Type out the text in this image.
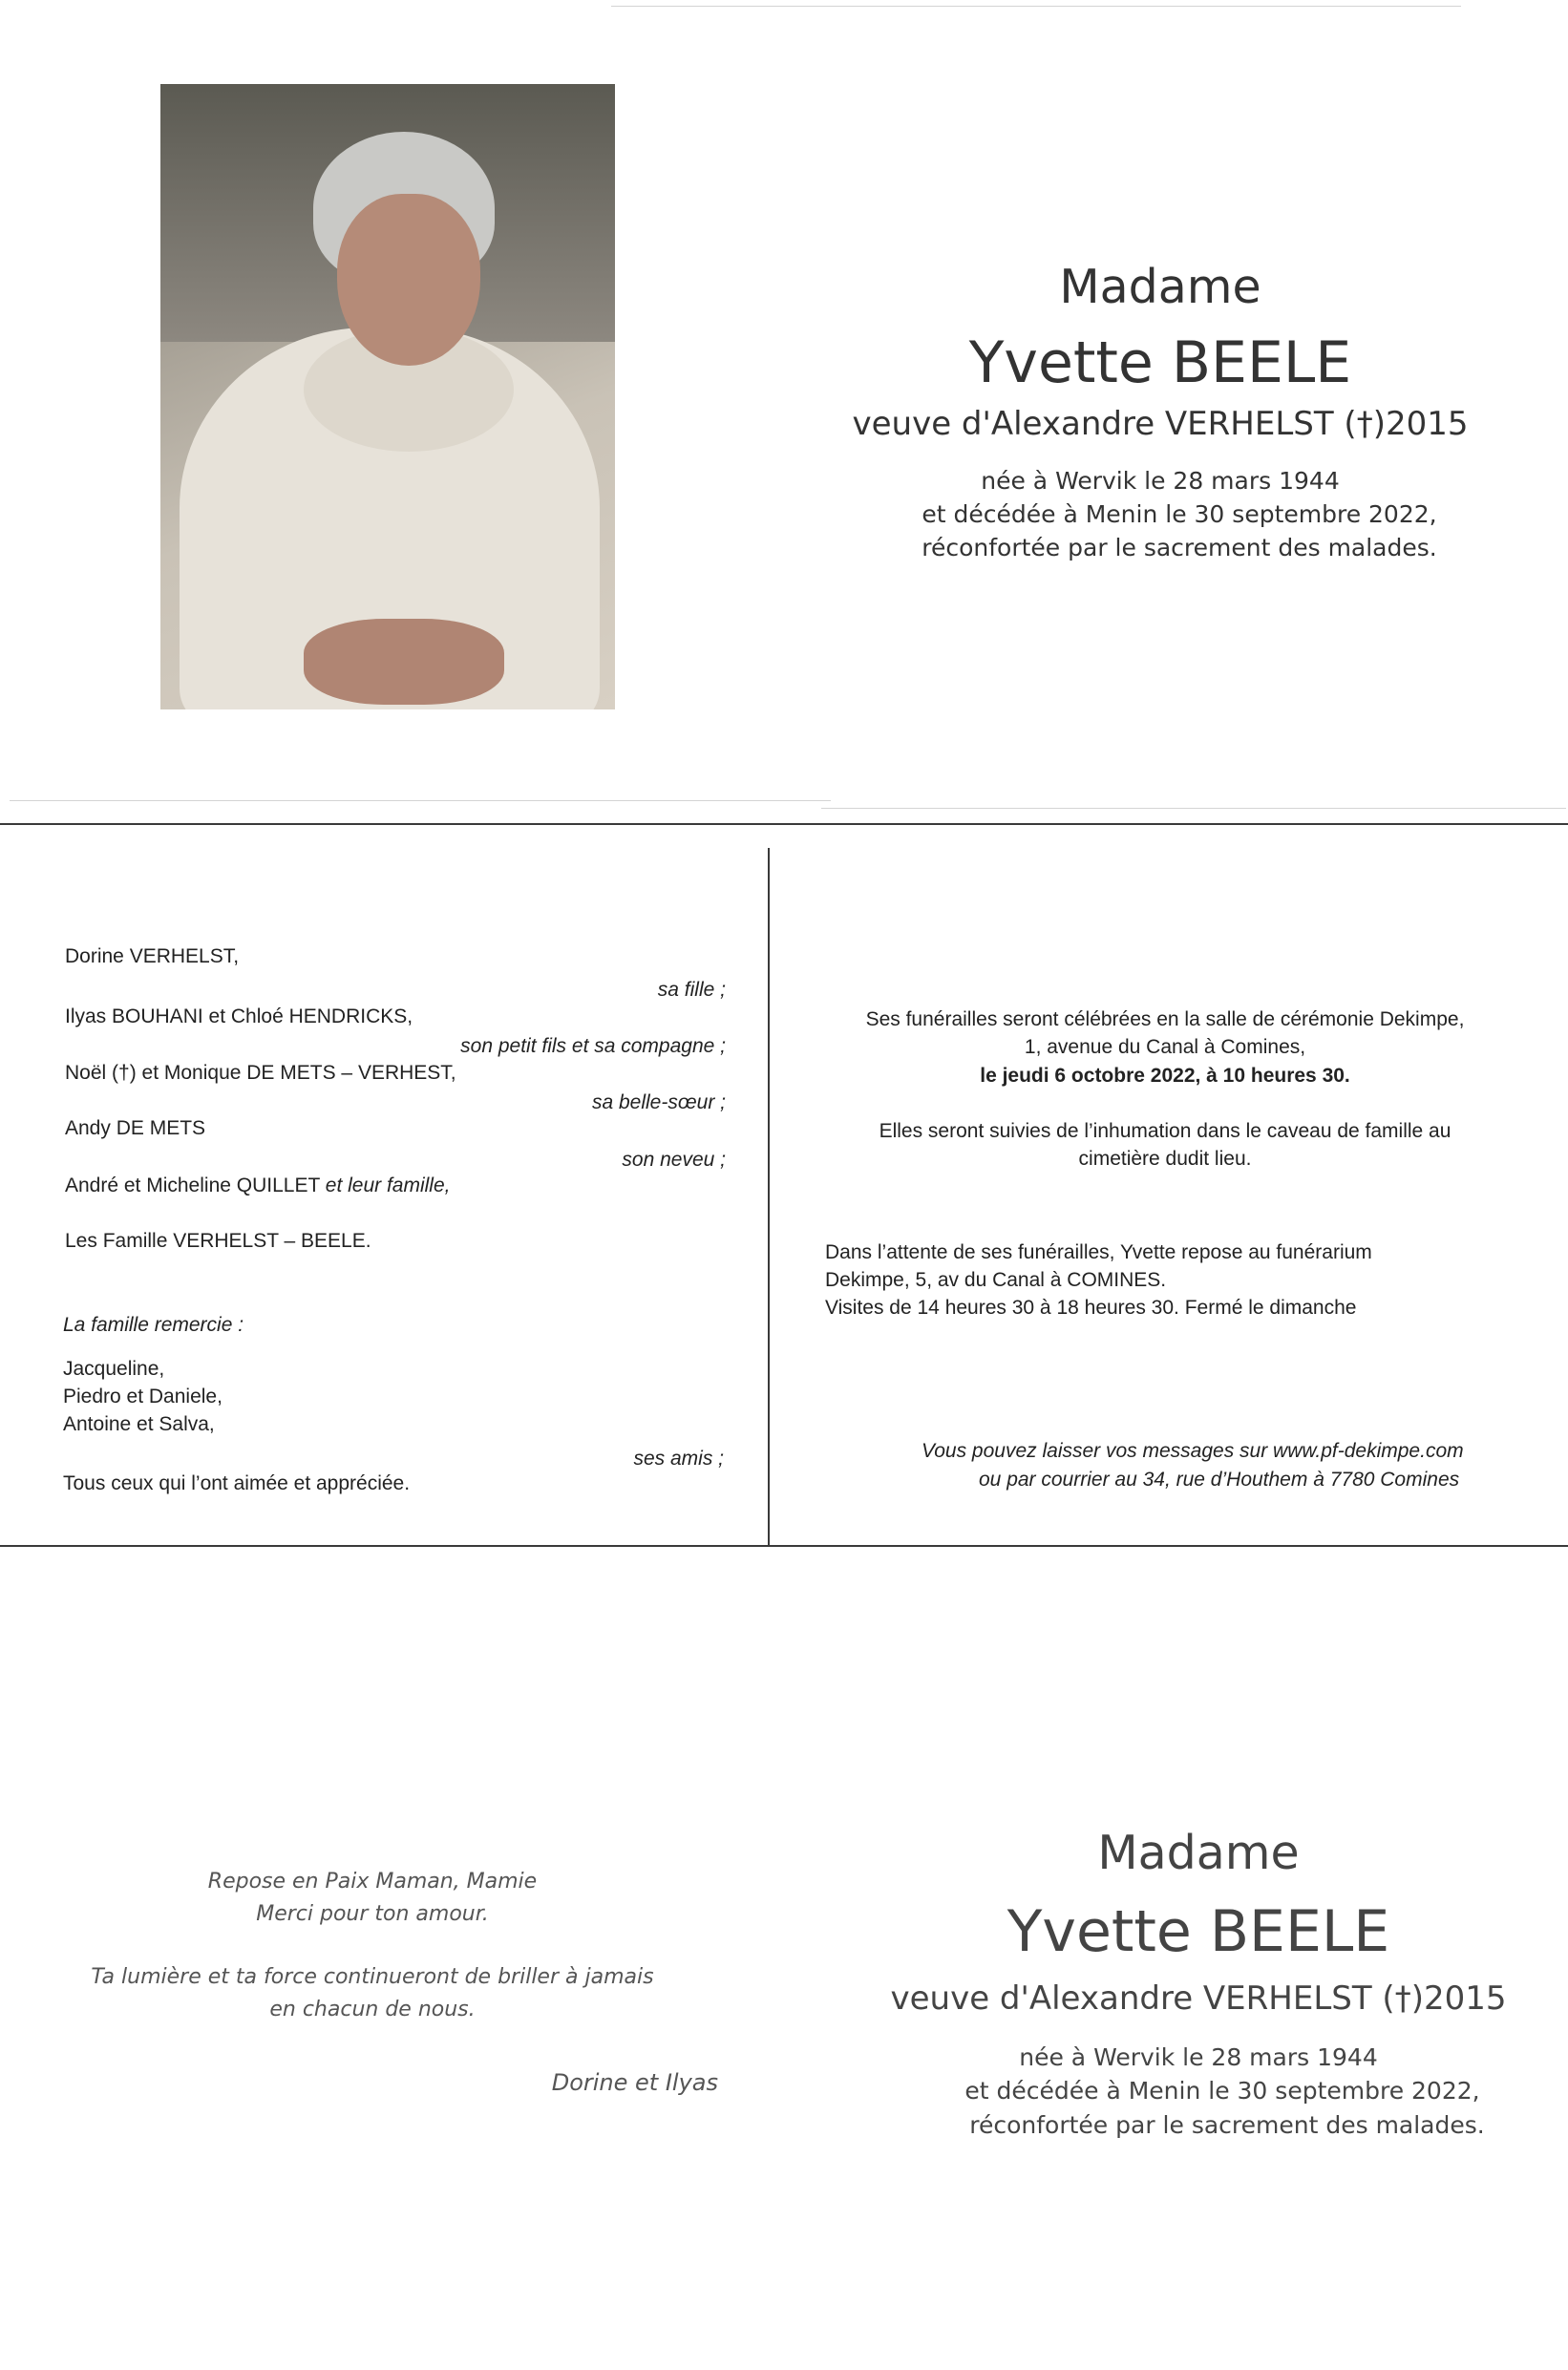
Madame
Yvette BEELE
veuve d'Alexandre VERHELST (†)2015
née à Wervik le 28 mars 1944
et décédée à Menin le 30 septembre 2022,
réconfortée par le sacrement des malades.
Dorine VERHELST,
sa fille ;
Ilyas BOUHANI et Chloé HENDRICKS,
son petit fils et sa compagne ;
Noël (†) et Monique DE METS – VERHEST,
sa belle-sœur ;
Andy DE METS
son neveu ;
André et Micheline QUILLET et leur famille,
Les Famille VERHELST – BEELE.
La famille remercie :
Jacqueline,
Piedro et Daniele,
Antoine et Salva,
ses amis ;
Tous ceux qui l’ont aimée et appréciée.
Ses funérailles seront célébrées en la salle de cérémonie Dekimpe,
1, avenue du Canal à Comines,
le jeudi 6 octobre 2022, à 10 heures 30.
Elles seront suivies de l’inhumation dans le caveau de famille au
cimetière dudit lieu.
Dans l’attente de ses funérailles, Yvette repose au funérarium
Dekimpe, 5, av du Canal à COMINES.
Visites de 14 heures 30 à 18 heures 30. Fermé le dimanche
Vous pouvez laisser vos messages sur www.pf-dekimpe.com
ou par courrier au 34, rue d’Houthem à 7780 Comines
Repose en Paix Maman, Mamie
Merci pour ton amour.
Ta lumière et ta force continueront de briller à jamais
en chacun de nous.
Dorine et Ilyas
Madame
Yvette BEELE
veuve d'Alexandre VERHELST (†)2015
née à Wervik le 28 mars 1944
et décédée à Menin le 30 septembre 2022,
réconfortée par le sacrement des malades.
